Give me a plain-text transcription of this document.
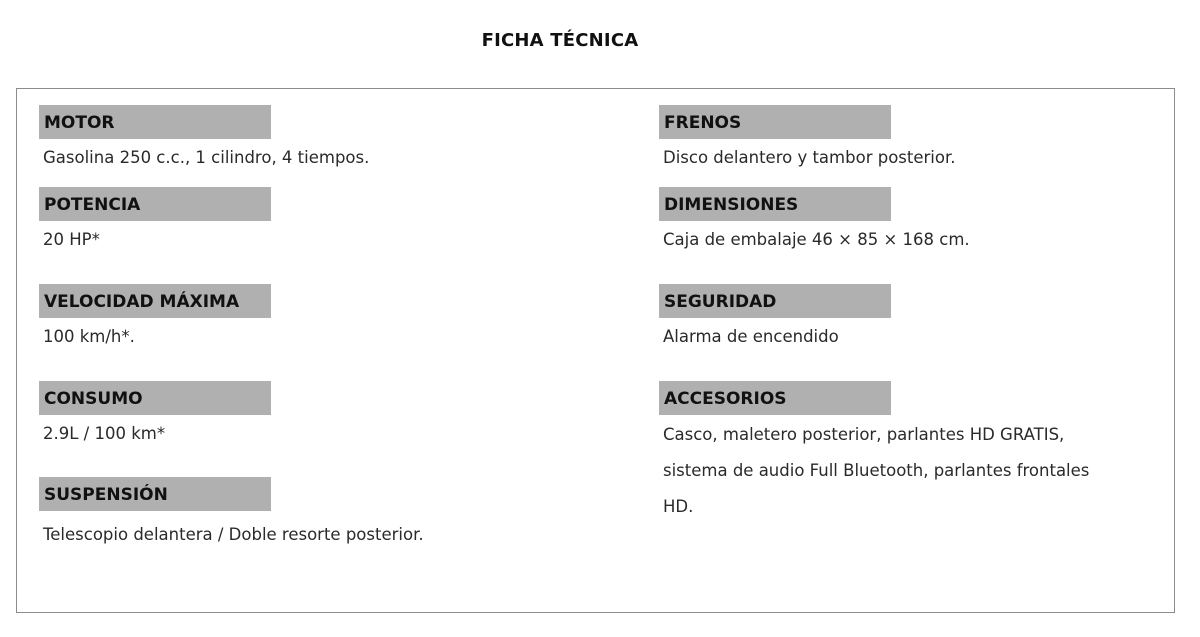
FICHA TÉCNICA
MOTOR
Gasolina 250 c.c., 1 cilindro, 4 tiempos.
POTENCIA
20 HP*
VELOCIDAD MÁXIMA
100 km/h*.
CONSUMO
2.9L / 100 km*
SUSPENSIÓN
Telescopio delantera / Doble resorte posterior.
FRENOS
Disco delantero y tambor posterior.
DIMENSIONES
Caja de embalaje 46 × 85 × 168 cm.
SEGURIDAD
Alarma de encendido
ACCESORIOS
Casco, maletero posterior, parlantes HD GRATIS, sistema de audio Full Bluetooth, parlantes frontales HD.
